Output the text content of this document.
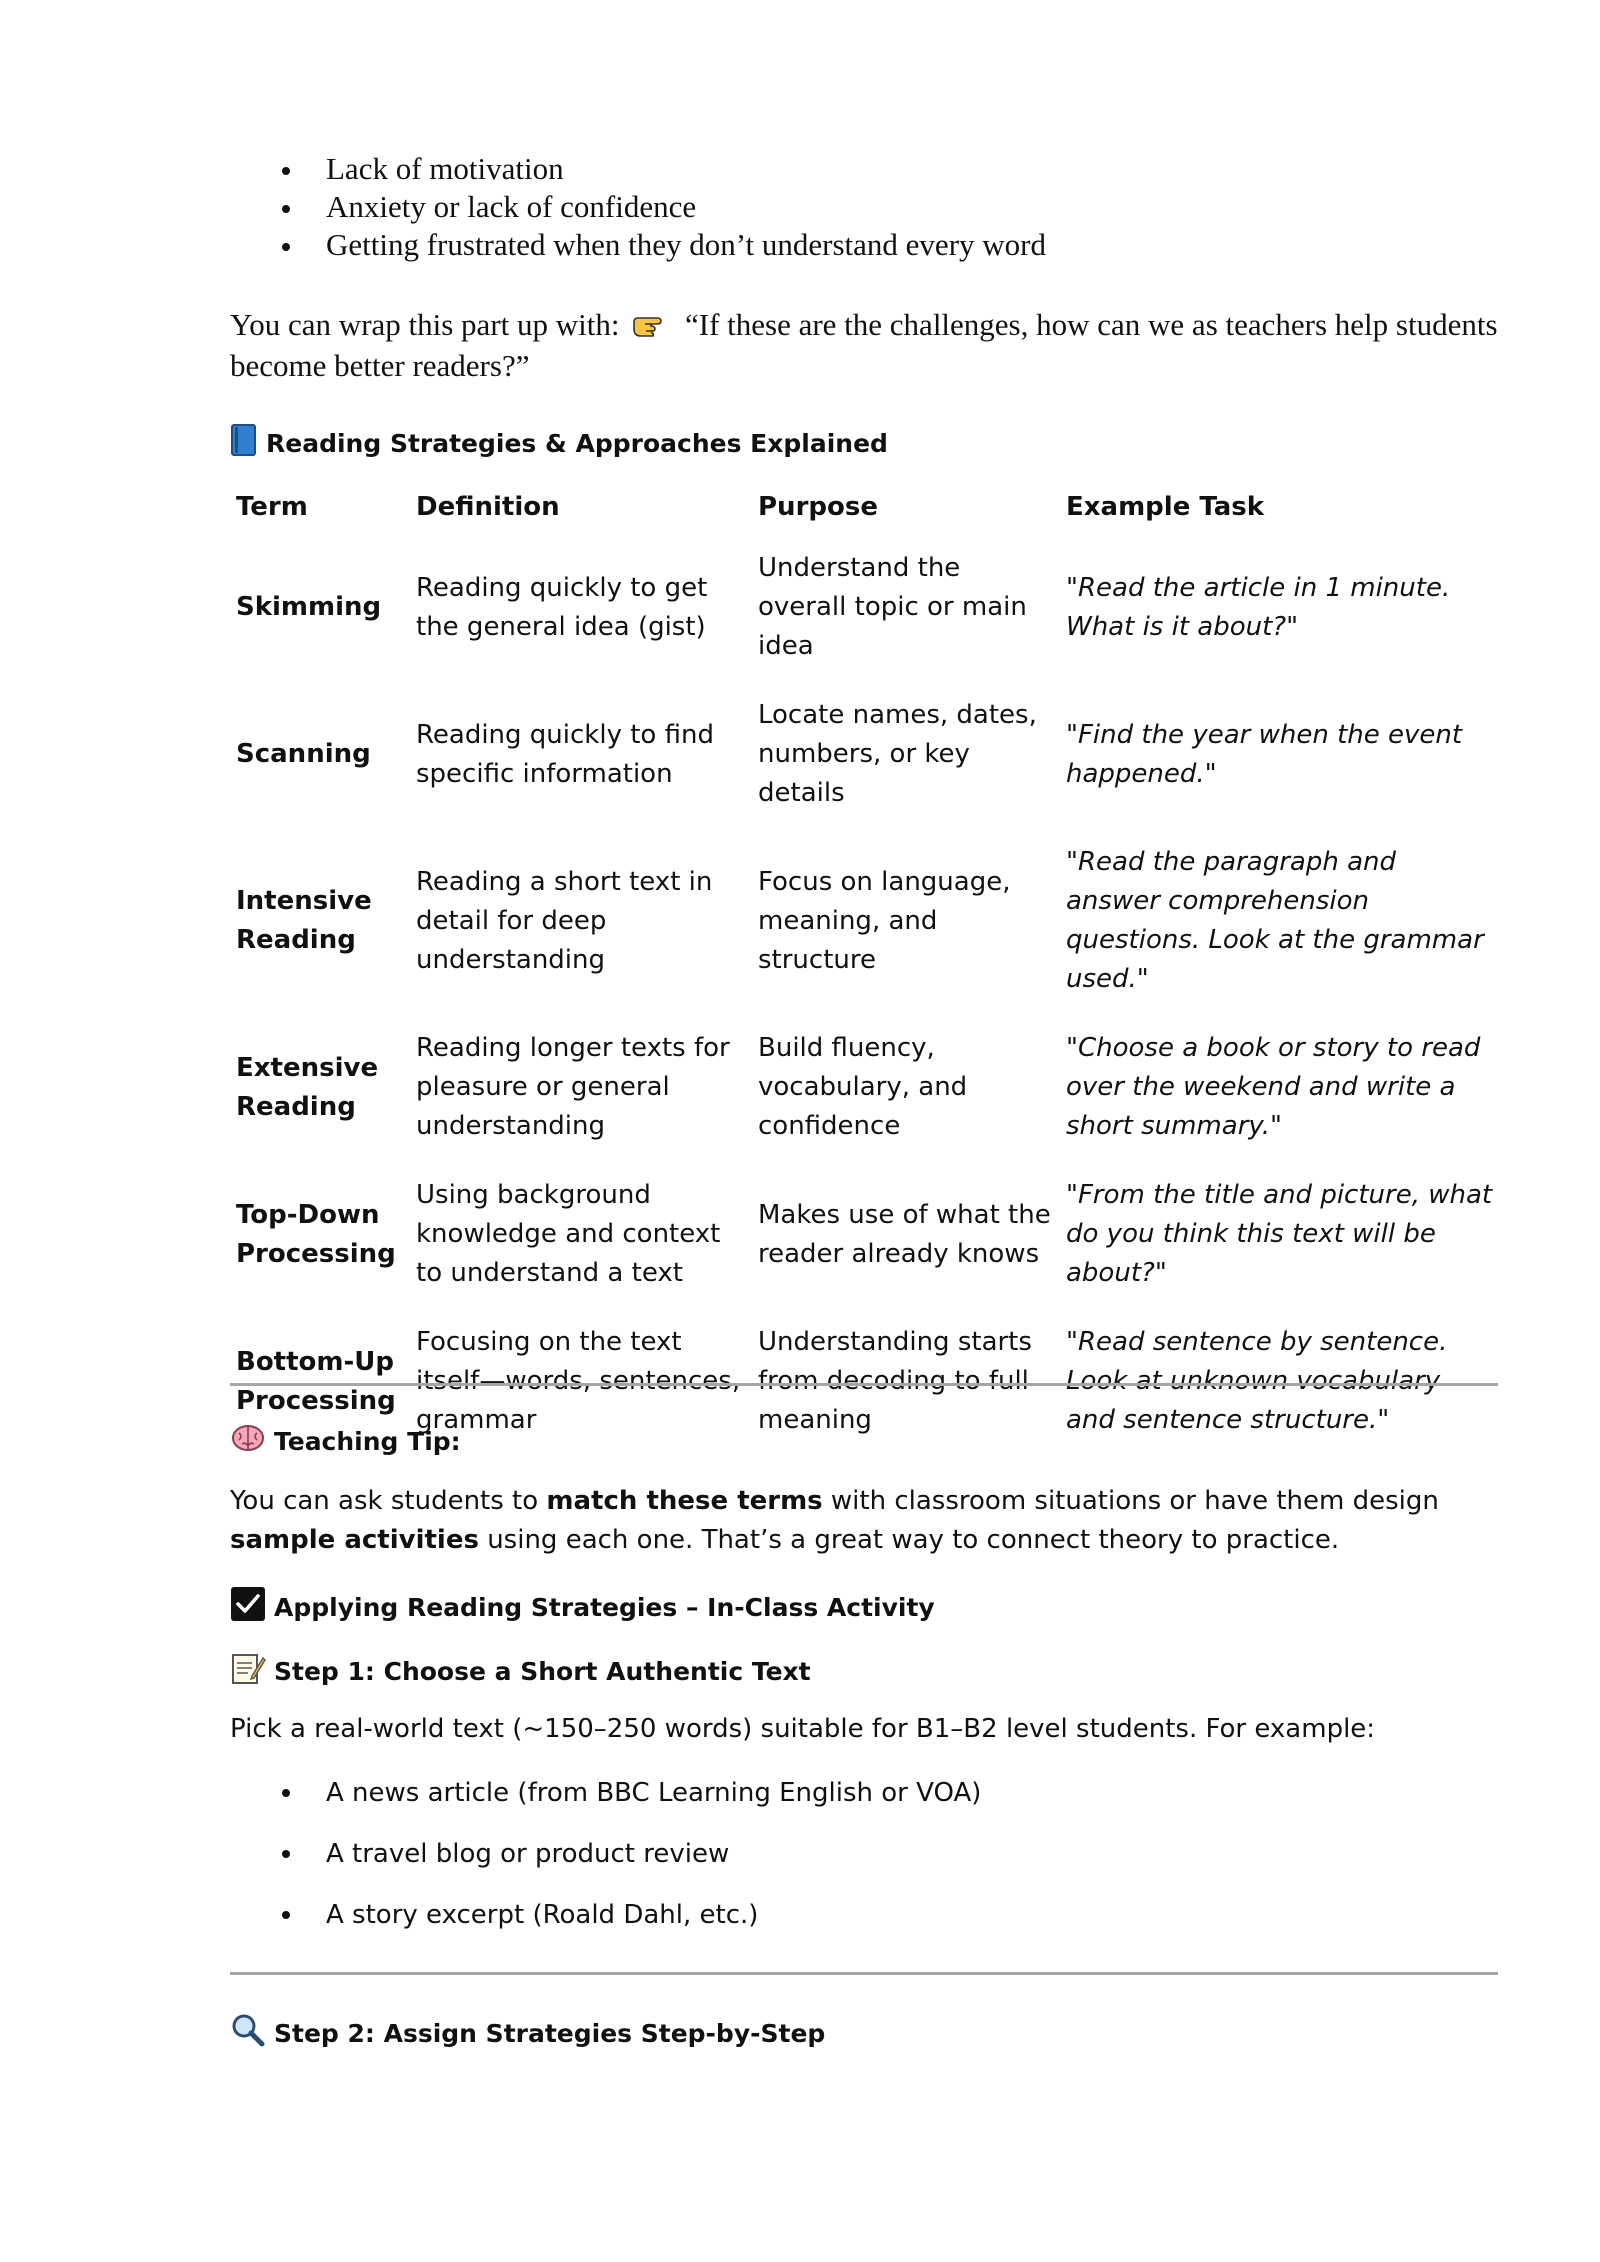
Lack of motivation
Anxiety or lack of confidence
Getting frustrated when they don’t understand every word

You can wrap this part up with: “If these are the challenges, how can we as teachers help students become better readers?”

Reading Strategies & Approaches Explained
Term	Definition	Purpose	Example Task
Skimming	Reading quickly to get the general idea (gist)	Understand the overall topic or main idea	"Read the article in 1 minute. What is it about?"
Scanning	Reading quickly to find specific information	Locate names, dates, numbers, or key details	"Find the year when the event happened."
Intensive Reading	Reading a short text in detail for deep understanding	Focus on language, meaning, and structure	"Read the paragraph and answer comprehension questions. Look at the grammar used."
Extensive Reading	Reading longer texts for pleasure or general understanding	Build fluency, vocabulary, and confidence	"Choose a book or story to read over the weekend and write a short summary."
Top-Down Processing	Using background knowledge and context to understand a text	Makes use of what the reader already knows	"From the title and picture, what do you think this text will be about?"
Bottom-Up Processing	Focusing on the text itself—words, sentences, grammar	Understanding starts from decoding to full meaning	"Read sentence by sentence. Look at unknown vocabulary and sentence structure."
Teaching Tip:

You can ask students to match these terms with classroom situations or have them design sample activities using each one. That’s a great way to connect theory to practice.

Applying Reading Strategies – In-Class Activity
Step 1: Choose a Short Authentic Text

Pick a real-world text (~150–250 words) suitable for B1–B2 level students. For example:

A news article (from BBC Learning English or VOA)
A travel blog or product review
A story excerpt (Roald Dahl, etc.)
Step 2: Assign Strategies Step-by-Step
